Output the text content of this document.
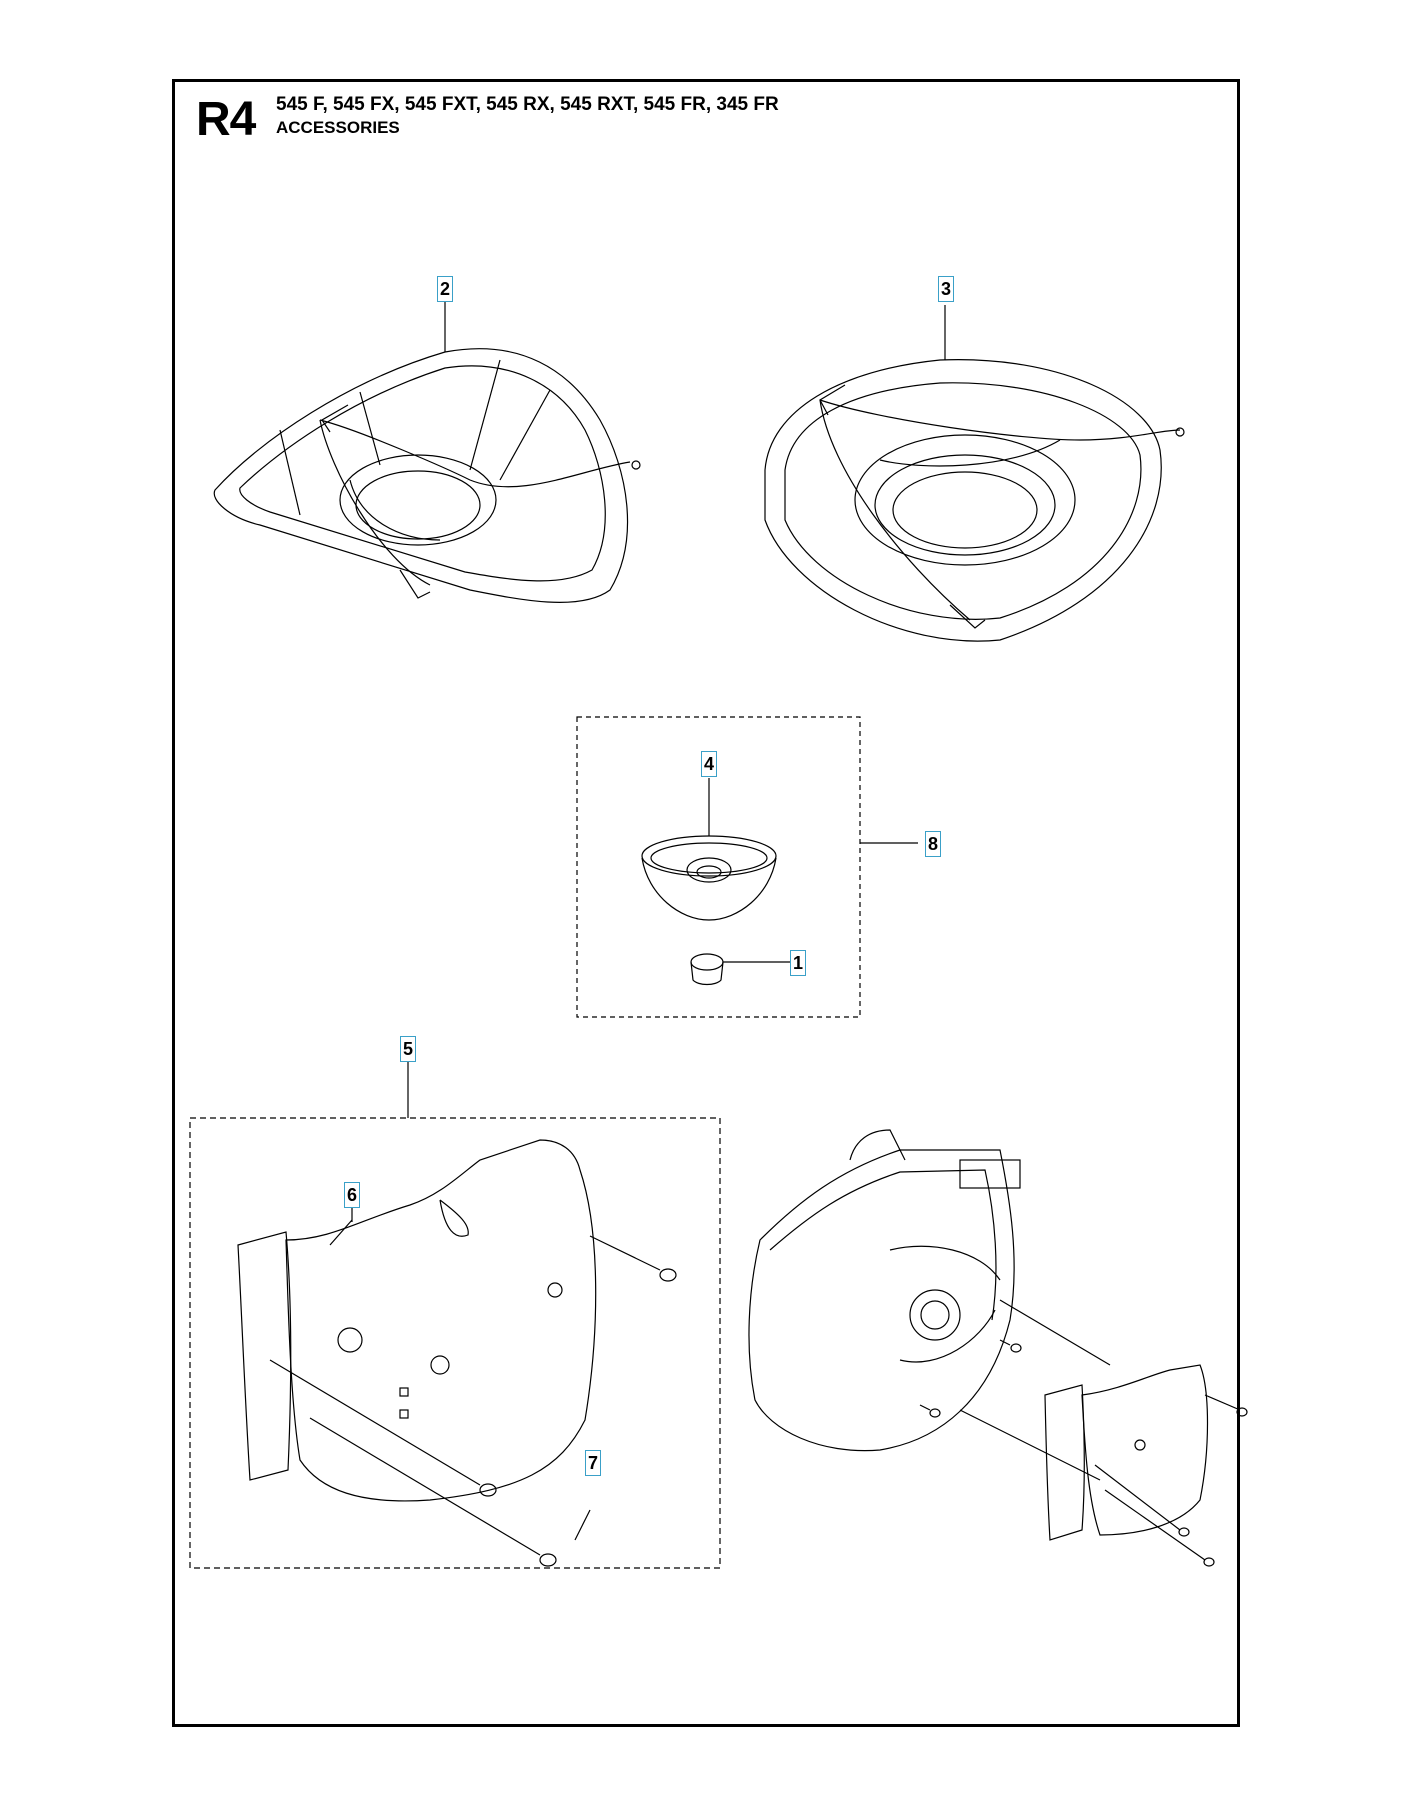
R4 545 F, 545 FX, 545 FXT, 545 RX, 545 RXT, 545 FR, 345 FR
ACCESSORIES
2	3
4
8
1
5
6
7
